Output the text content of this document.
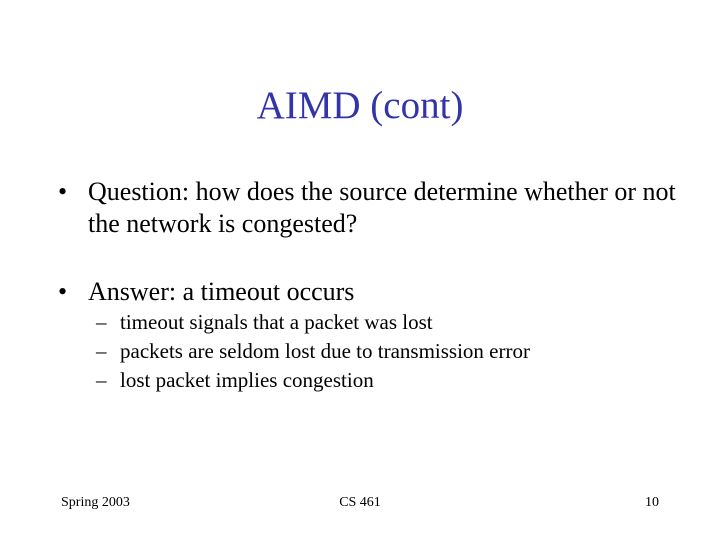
AIMD (cont)
• Question: how does the source determine whether or not the network is congested?
• Answer: a timeout occurs
– timeout signals that a packet was lost
– packets are seldom lost due to transmission error
– lost packet implies congestion
Spring 2003	CS 461	10
